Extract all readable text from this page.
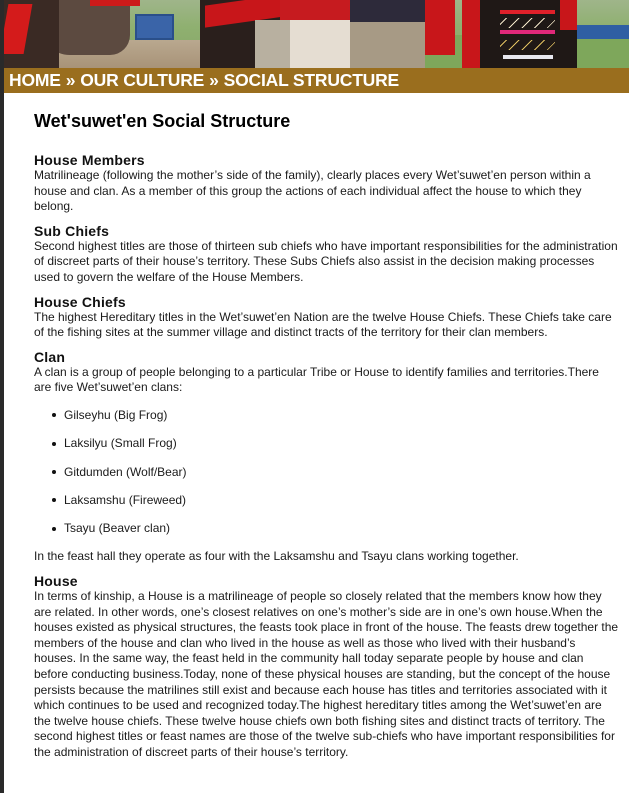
HOME » OUR CULTURE » SOCIAL STRUCTURE
Wet'suwet'en Social Structure
House Members

Matrilineage (following the mother’s side of the family), clearly places every Wet’suwet’en person within a house and clan. As a member of this group the actions of each individual affect the house to which they belong.

Sub Chiefs

Second highest titles are those of thirteen sub chiefs who have important responsibilities for the administration of discreet parts of their house’s territory. These Subs Chiefs also assist in the decision making processes used to govern the welfare of the House Members.

House Chiefs

The highest Hereditary titles in the Wet’suwet’en Nation are the twelve House Chiefs. These Chiefs take care of the fishing sites at the summer village and distinct tracts of the territory for their clan members.

Clan

A clan is a group of people belonging to a particular Tribe or House to identify families and territories.There are five Wet’suwet’en clans:

Gilseyhu (Big Frog)
Laksilyu (Small Frog)
Gitdumden (Wolf/Bear)
Laksamshu (Fireweed)
Tsayu (Beaver clan)

In the feast hall they operate as four with the Laksamshu and Tsayu clans working together.

House

In terms of kinship, a House is a matrilineage of people so closely related that the members know how they are related. In other words, one’s closest relatives on one’s mother’s side are in one’s own house.When the houses existed as physical structures, the feasts took place in front of the house. The feasts drew together the members of the house and clan who lived in the house as well as those who lived with their husband’s houses. In the same way, the feast held in the community hall today separate people by house and clan before conducting business.Today, none of these physical houses are standing, but the concept of the house persists because the matrilines still exist and because each house has titles and territories associated with it which continues to be used and recognized today.The highest hereditary titles among the Wet’suwet’en are the twelve house chiefs. These twelve house chiefs own both fishing sites and distinct tracts of territory. The second highest titles or feast names are those of the twelve sub-chiefs who have important responsibilities for the administration of discreet parts of their house’s territory.
